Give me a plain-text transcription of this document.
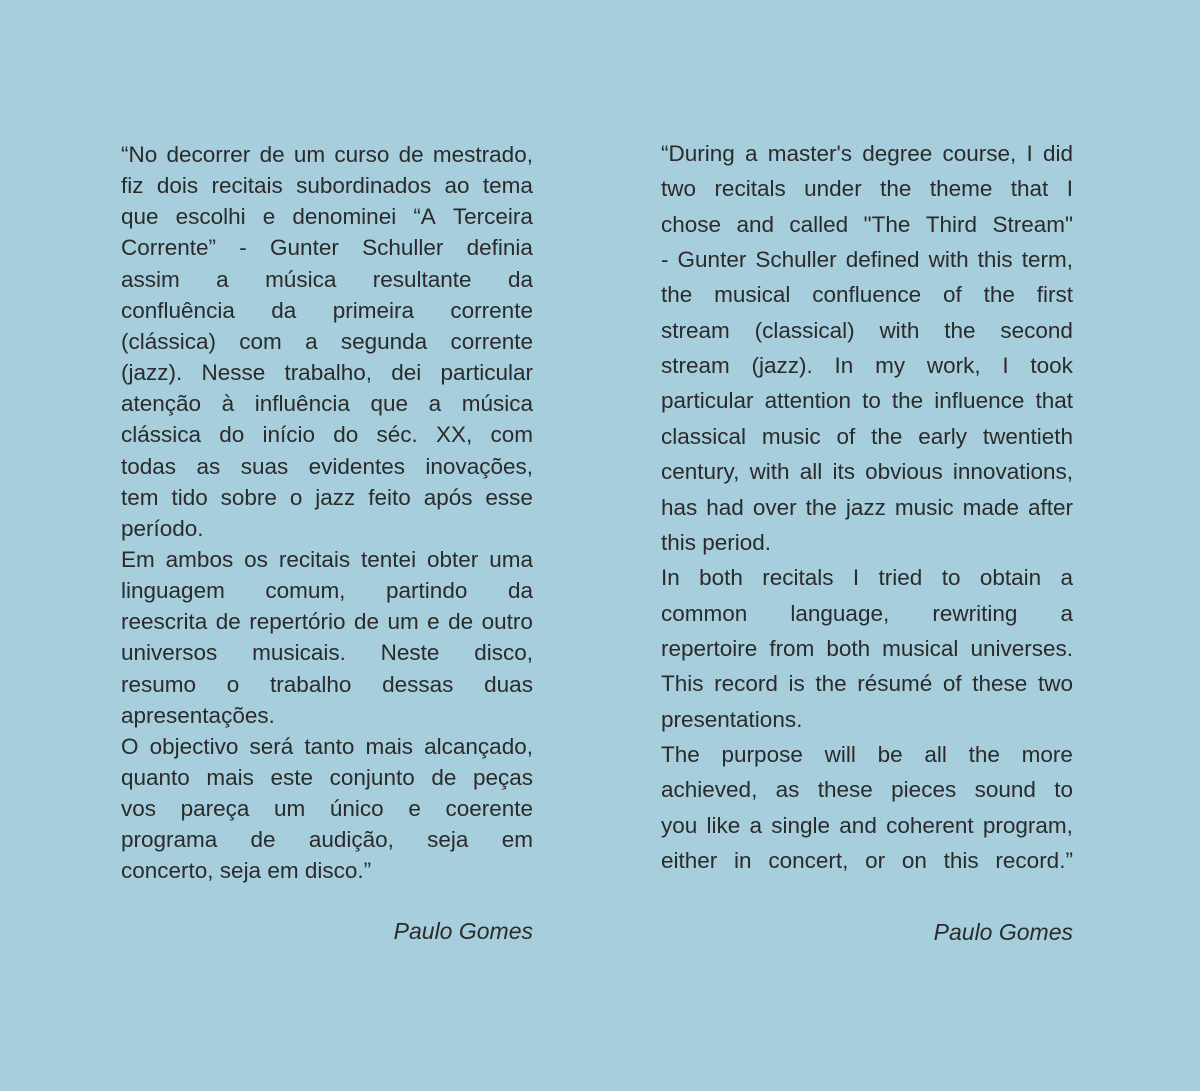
“No decorrer de um curso de mestrado,
fiz dois recitais subordinados ao tema
que escolhi e denominei “A Terceira
Corrente” - Gunter Schuller definia
assim a música resultante da
confluência da primeira corrente
(clássica) com a segunda corrente
(jazz). Nesse trabalho, dei particular
atenção à influência que a música
clássica do início do séc. XX, com
todas as suas evidentes inovações,
tem tido sobre o jazz feito após esse
período.
Em ambos os recitais tentei obter uma
linguagem comum, partindo da
reescrita de repertório de um e de outro
universos musicais. Neste disco,
resumo o trabalho dessas duas
apresentações.
O objectivo será tanto mais alcançado,
quanto mais este conjunto de peças
vos pareça um único e coerente
programa de audição, seja em
concerto, seja em disco.”
Paulo Gomes
“During a master's degree course, I did
two recitals under the theme that I
chose and called "The Third Stream"
- Gunter Schuller defined with this term,
the musical confluence of the first
stream (classical) with the second
stream (jazz). In my work, I took
particular attention to the influence that
classical music of the early twentieth
century, with all its obvious innovations,
has had over the jazz music made after
this period.
In both recitals I tried to obtain a
common language, rewriting a
repertoire from both musical universes.
This record is the résumé of these two
presentations.
The purpose will be all the more
achieved, as these pieces sound to
you like a single and coherent program,
either in concert, or on this record.”
Paulo Gomes
